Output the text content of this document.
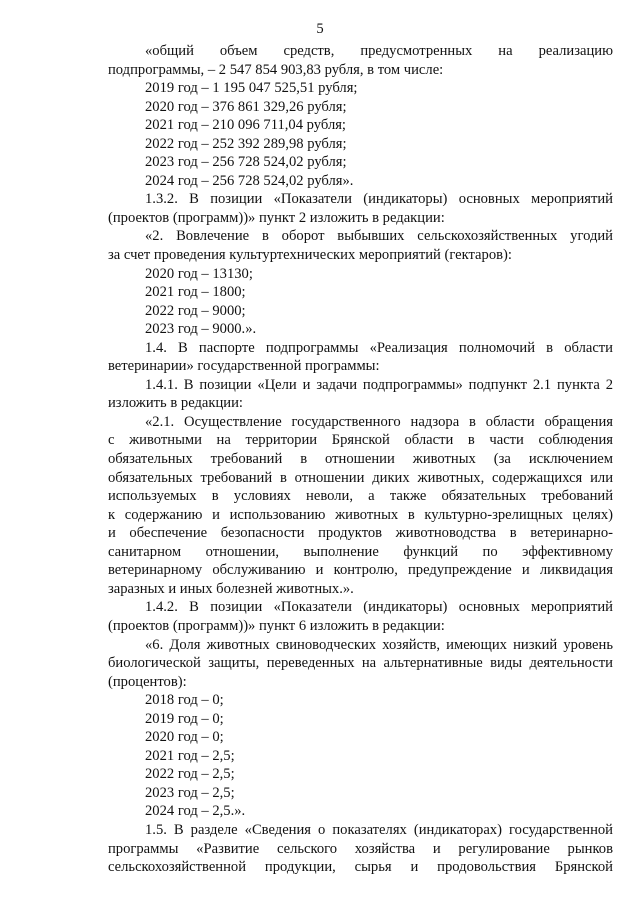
5
«общий объем средств, предусмотренных на реализацию
подпрограммы, – 2 547 854 903,83 рубля, в том числе:
2019 год – 1 195 047 525,51 рубля;
2020 год – 376 861 329,26 рубля;
2021 год – 210 096 711,04 рубля;
2022 год – 252 392 289,98 рубля;
2023 год – 256 728 524,02 рубля;
2024 год – 256 728 524,02 рубля».
1.3.2. В позиции «Показатели (индикаторы) основных мероприятий
(проектов (программ))» пункт 2 изложить в редакции:
«2. Вовлечение в оборот выбывших сельскохозяйственных угодий
за счет проведения культуртехнических мероприятий (гектаров):
2020 год – 13130;
2021 год – 1800;
2022 год – 9000;
2023 год – 9000.».
1.4. В паспорте подпрограммы «Реализация полномочий в области
ветеринарии» государственной программы:
1.4.1. В позиции «Цели и задачи подпрограммы» подпункт 2.1 пункта 2
изложить в редакции:
«2.1. Осуществление государственного надзора в области обращения
с животными на территории Брянской области в части соблюдения
обязательных требований в отношении животных (за исключением
обязательных требований в отношении диких животных, содержащихся или
используемых в условиях неволи, а также обязательных требований
к содержанию и использованию животных в культурно-зрелищных целях)
и обеспечение безопасности продуктов животноводства в ветеринарно-
санитарном отношении, выполнение функций по эффективному
ветеринарному обслуживанию и контролю, предупреждение и ликвидация
заразных и иных болезней животных.».
1.4.2. В позиции «Показатели (индикаторы) основных мероприятий
(проектов (программ))» пункт 6 изложить в редакции:
«6. Доля животных свиноводческих хозяйств, имеющих низкий уровень
биологической защиты, переведенных на альтернативные виды деятельности
(процентов):
2018 год – 0;
2019 год – 0;
2020 год – 0;
2021 год – 2,5;
2022 год – 2,5;
2023 год – 2,5;
2024 год – 2,5.».
1.5. В разделе «Сведения о показателях (индикаторах) государственной
программы «Развитие сельского хозяйства и регулирование рынков
сельскохозяйственной продукции, сырья и продовольствия Брянской
